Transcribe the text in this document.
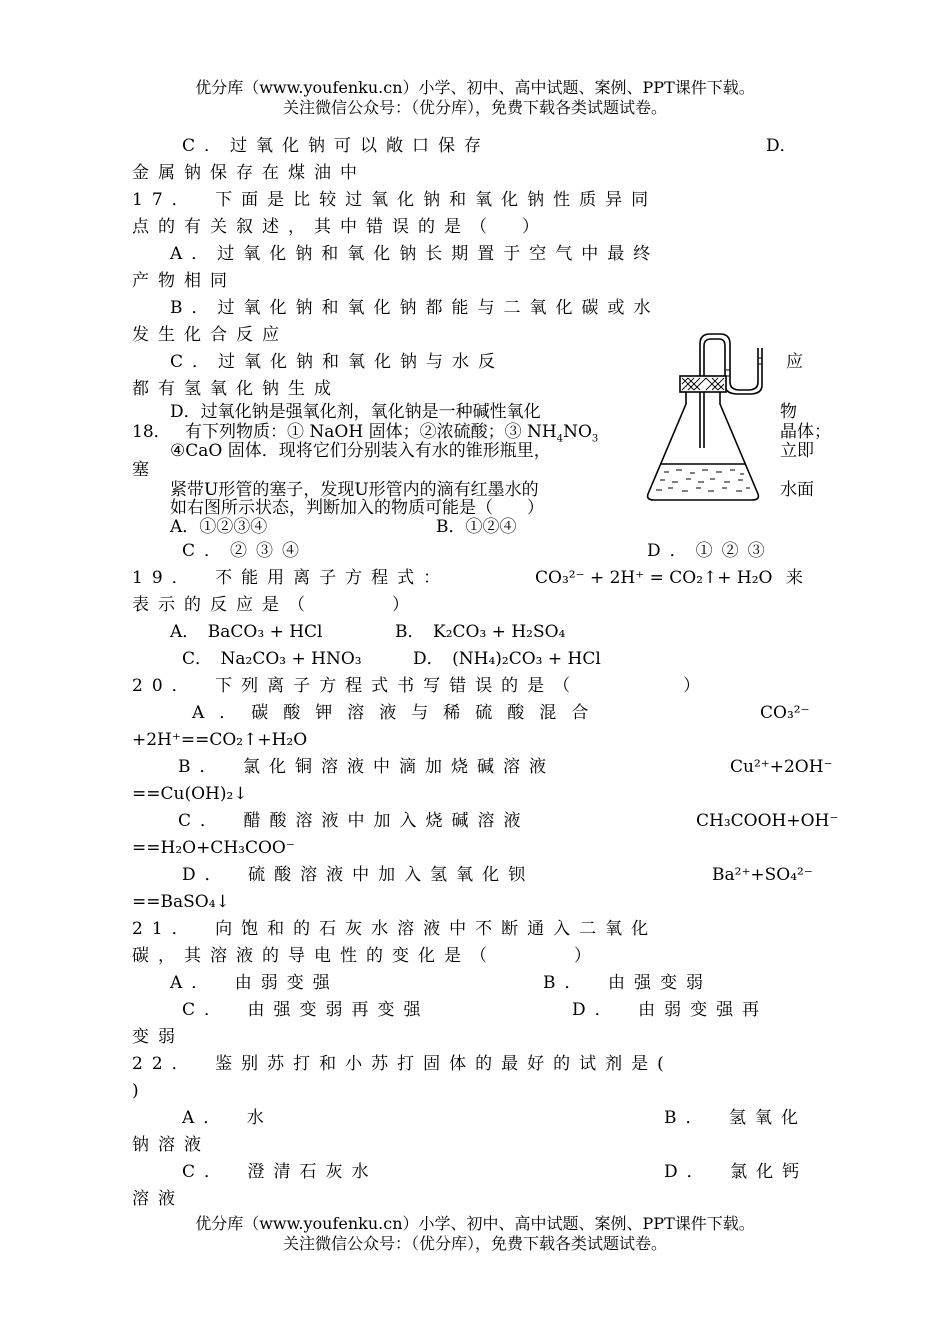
优分库（www.youfenku.cn）小学、初中、高中试题、案例、PPT课件下载。
关注微信公众号：（优分库），免费下载各类试题试卷。
C．过氧化钠可以敞口保存	D．
金属钠保存在煤油中
17．　下面是比较过氧化钠和氧化钠性质异同
点的有关叙述，其中错误的是（　）
A．过氧化钠和氧化钠长期置于空气中最终
产物相同
B．过氧化钠和氧化钠都能与二氧化碳或水
发生化合反应
C．过氧化钠和氧化钠与水反	应
都有氢氧化钠生成
D．过氧化钠是强氧化剂，氧化钠是一种碱性氧化	物
18． 有下列物质：① NaOH 固体；②浓硫酸；③ $NH_4NO_3$	晶体；
④CaO 固体．现将它们分别装入有水的锥形瓶里，	立即
塞
紧带U形管的塞子，发现U形管内的滴有红墨水的	水面
如右图所示状态，判断加入的物质可能是（　　）
A．①②③④	B．①②④
C．②③④	D．①②③
19．　不能用离子方程式：	CO₃²⁻ + 2H⁺ = CO₂↑+ H₂O 来
表示的反应是（　　　）
A．　BaCO₃ + HCl	B．　K₂CO₃ + H₂SO₄
C．　Na₂CO₃ + HNO₃	D．　(NH₄)₂CO₃ + HCl
20．　下列离子方程式书写错误的是（　　　　）
A．碳酸钾溶液与稀硫酸混合	CO₃²⁻
+2H⁺==CO₂↑+H₂O
B．　氯化铜溶液中滴加烧碱溶液	Cu²⁺+2OH⁻
==Cu(OH)₂↓
C．　醋酸溶液中加入烧碱溶液	CH₃COOH+OH⁻
==H₂O+CH₃COO⁻
D．　硫酸溶液中加入氢氧化钡	Ba²⁺+SO₄²⁻
==BaSO₄↓
21．　向饱和的石灰水溶液中不断通入二氧化
碳，其溶液的导电性的变化是（　　　）
A．　由弱变强	B．　由强变弱
C．　由强变弱再变强	D．　由弱变强再
变弱
22．　鉴别苏打和小苏打固体的最好的试剂是(
)
A．　水	B．　氢氧化
钠溶液
C．　澄清石灰水	D．　氯化钙
溶液
优分库（www.youfenku.cn）小学、初中、高中试题、案例、PPT课件下载。
关注微信公众号：（优分库），免费下载各类试题试卷。
